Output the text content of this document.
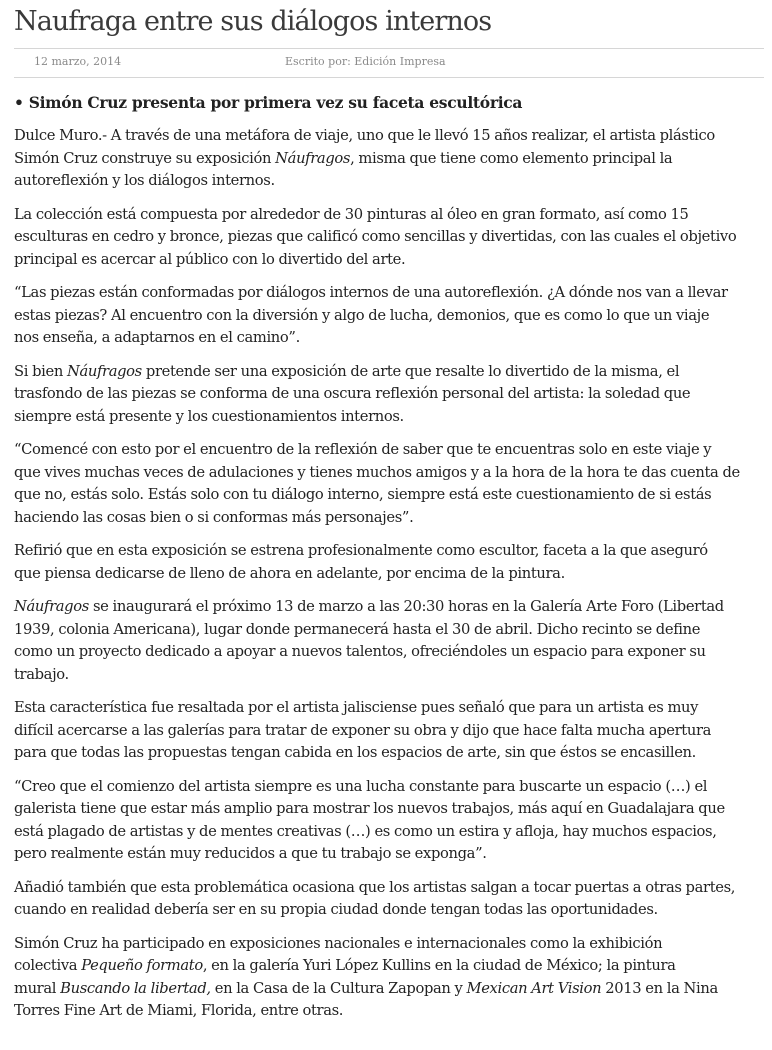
Naufraga entre sus diálogos internos
12 marzo, 2014	Escrito por: Edición Impresa
• Simón Cruz presenta por primera vez su faceta escultórica

Dulce Muro.- A través de una metáfora de viaje, uno que le llevó 15 años realizar, el artista plástico
Simón Cruz construye su exposición Náufragos, misma que tiene como elemento principal la
autoreflexión y los diálogos internos.

La colección está compuesta por alrededor de 30 pinturas al óleo en gran formato, así como 15
esculturas en cedro y bronce, piezas que calificó como sencillas y divertidas, con las cuales el objetivo
principal es acercar al público con lo divertido del arte.

“Las piezas están conformadas por diálogos internos de una autoreflexión. ¿A dónde nos van a llevar
estas piezas? Al encuentro con la diversión y algo de lucha, demonios, que es como lo que un viaje
nos enseña, a adaptarnos en el camino”.

Si bien Náufragos pretende ser una exposición de arte que resalte lo divertido de la misma, el
trasfondo de las piezas se conforma de una oscura reflexión personal del artista: la soledad que
siempre está presente y los cuestionamientos internos.

“Comencé con esto por el encuentro de la reflexión de saber que te encuentras solo en este viaje y
que vives muchas veces de adulaciones y tienes muchos amigos y a la hora de la hora te das cuenta de
que no, estás solo. Estás solo con tu diálogo interno, siempre está este cuestionamiento de si estás
haciendo las cosas bien o si conformas más personajes”.

Refirió que en esta exposición se estrena profesionalmente como escultor, faceta a la que aseguró
que piensa dedicarse de lleno de ahora en adelante, por encima de la pintura.

Náufragos se inaugurará el próximo 13 de marzo a las 20:30 horas en la Galería Arte Foro (Libertad
1939, colonia Americana), lugar donde permanecerá hasta el 30 de abril. Dicho recinto se define
como un proyecto dedicado a apoyar a nuevos talentos, ofreciéndoles un espacio para exponer su
trabajo.

Esta característica fue resaltada por el artista jalisciense pues señaló que para un artista es muy
difícil acercarse a las galerías para tratar de exponer su obra y dijo que hace falta mucha apertura
para que todas las propuestas tengan cabida en los espacios de arte, sin que éstos se encasillen.

“Creo que el comienzo del artista siempre es una lucha constante para buscarte un espacio (…) el
galerista tiene que estar más amplio para mostrar los nuevos trabajos, más aquí en Guadalajara que
está plagado de artistas y de mentes creativas (…) es como un estira y afloja, hay muchos espacios,
pero realmente están muy reducidos a que tu trabajo se exponga”.

Añadió también que esta problemática ocasiona que los artistas salgan a tocar puertas a otras partes,
cuando en realidad debería ser en su propia ciudad donde tengan todas las oportunidades.

Simón Cruz ha participado en exposiciones nacionales e internacionales como la exhibición
colectiva Pequeño formato, en la galería Yuri López Kullins en la ciudad de México; la pintura
mural Buscando la libertad, en la Casa de la Cultura Zapopan y Mexican Art Vision 2013 en la Nina
Torres Fine Art de Miami, Florida, entre otras.
